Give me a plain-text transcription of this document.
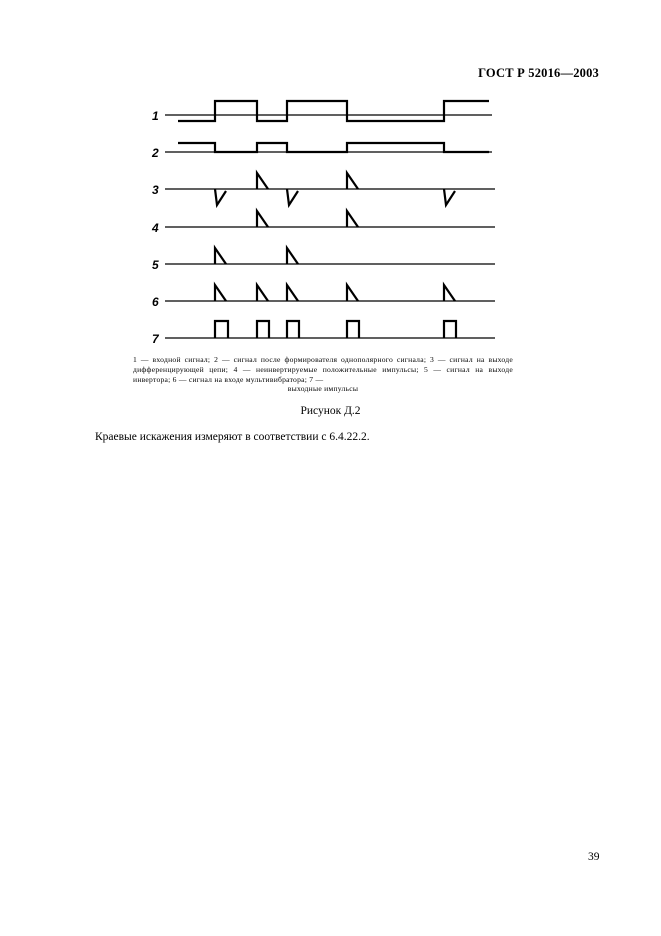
ГОСТ Р 52016—2003
1
2
3
4
5
6
7
1 — входной сигнал; 2 — сигнал после формирователя однополярного сигнала; 3 — сигнал на выходе дифференцирующей цепи; 4 — неинвертируемые положительные импульсы; 5 — сигнал на выходе инвертора; 6 — сигнал на входе мультивибратора; 7 —
выходные импульсы
Рисунок Д.2
Краевые искажения измеряют в соответствии с 6.4.22.2.
39
